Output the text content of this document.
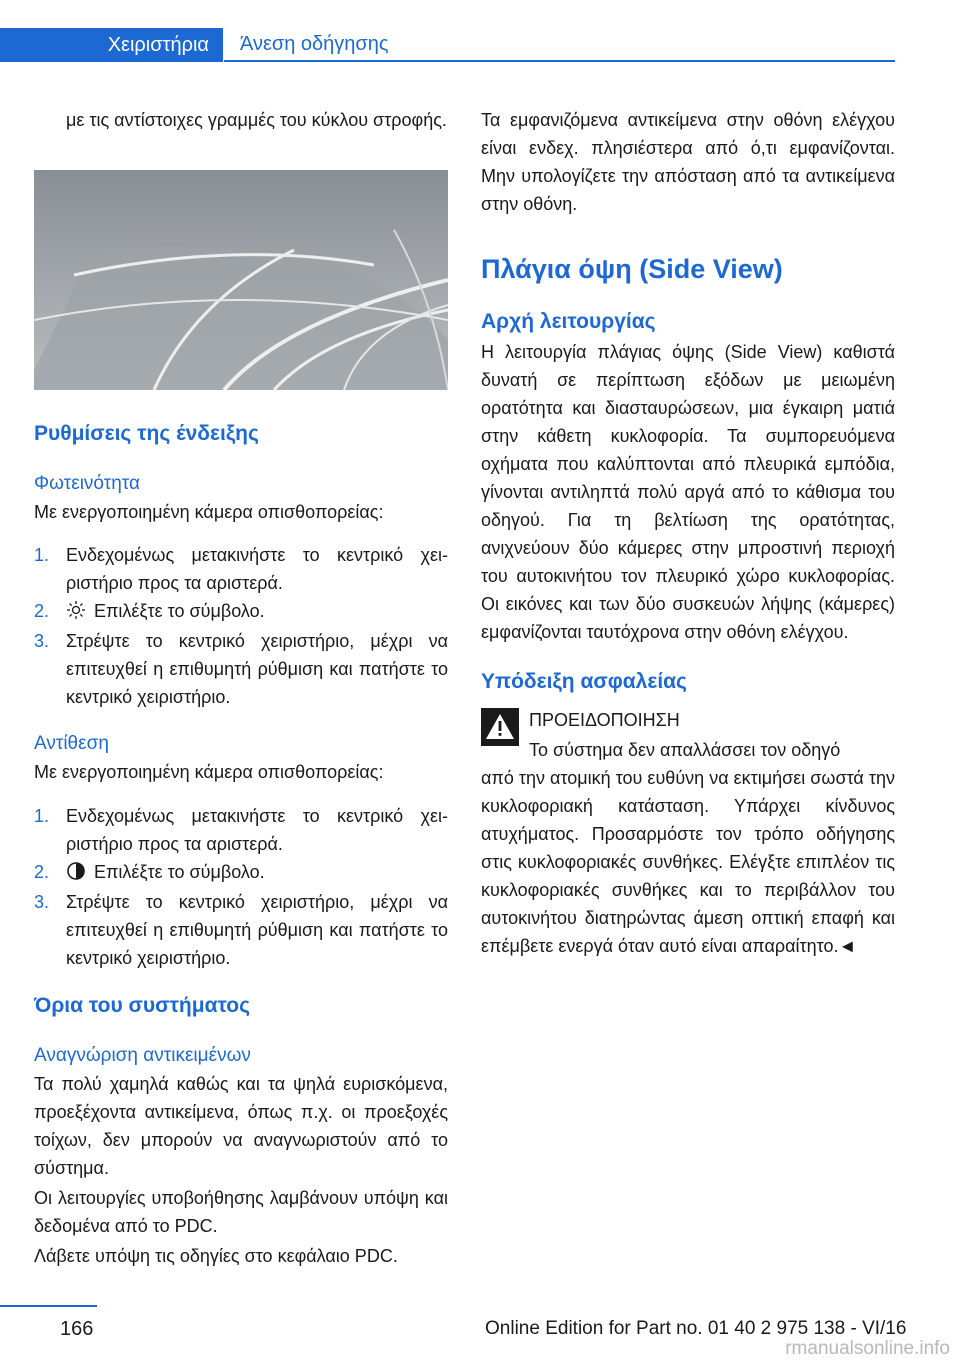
Χειριστήρια	Άνεση οδήγησης

με τις αντίστοιχες γραμμές του κύκλου στροφής.

Ρυθμίσεις της ένδειξης
Φωτεινότητα

Με ενεργοποιημένη κάμερα οπισθοπορείας:

1. Ενδεχομένως μετακινήστε το κεντρικό χειριστήριο προς τα αριστερά.
2.	Επιλέξτε το σύμβολο.
3. Στρέψτε το κεντρικό χειριστήριο, μέχρι να επιτευχθεί η επιθυμητή ρύθμιση και πατήστε το κεντρικό χειριστήριο.
Αντίθεση

Με ενεργοποιημένη κάμερα οπισθοπορείας:

1. Ενδεχομένως μετακινήστε το κεντρικό χειριστήριο προς τα αριστερά.
2.	Επιλέξτε το σύμβολο.
3. Στρέψτε το κεντρικό χειριστήριο, μέχρι να επιτευχθεί η επιθυμητή ρύθμιση και πατήστε το κεντρικό χειριστήριο.
Όρια του συστήματος
Αναγνώριση αντικειμένων

Τα πολύ χαμηλά καθώς και τα ψηλά ευρισκόμενα, προεξέχοντα αντικείμενα, όπως π.χ. οι προεξοχές τοίχων, δεν μπορούν να αναγνωριστούν από το σύστημα.

Οι λειτουργίες υποβοήθησης λαμβάνουν υπόψη και δεδομένα από το PDC.

Λάβετε υπόψη τις οδηγίες στο κεφάλαιο PDC.

Τα εμφανιζόμενα αντικείμενα στην οθόνη ελέγχου είναι ενδεχ. πλησιέστερα από ό,τι εμφανίζονται. Μην υπολογίζετε την απόσταση από τα αντικείμενα στην οθόνη.

Πλάγια όψη (Side View)
Αρχή λειτουργίας

Η λειτουργία πλάγιας όψης (Side View) καθιστά δυνατή σε περίπτωση εξόδων με μειωμένη ορατότητα και διασταυρώσεων, μια έγκαιρη ματιά στην κάθετη κυκλοφορία. Τα συμπορευόμενα οχήματα που καλύπτονται από πλευρικά εμπόδια, γίνονται αντιληπτά πολύ αργά από το κάθισμα του οδηγού. Για τη βελτίωση της ορατότητας, ανιχνεύουν δύο κάμερες στην μπροστινή περιοχή του αυτοκινήτου τον πλευρικό χώρο κυκλοφορίας. Οι εικόνες και των δύο συσκευών λήψης (κάμερες) εμφανίζονται ταυτόχρονα στην οθόνη ελέγχου.

Υπόδειξη ασφαλείας
ΠΡΟΕΙΔΟΠΟΙΗΣΗ
Το σύστημα δεν απαλλάσσει τον οδηγό

από την ατομική του ευθύνη να εκτιμήσει σωστά την κυκλοφοριακή κατάσταση. Υπάρχει κίνδυνος ατυχήματος. Προσαρμόστε τον τρόπο οδήγησης στις κυκλοφοριακές συνθήκες. Ελέγξτε επιπλέον τις κυκλοφοριακές συνθήκες και το περιβάλλον του αυτοκινήτου διατηρώντας άμεση οπτική επαφή και επέμβετε ενεργά όταν αυτό είναι απαραίτητο.◄

166	Online Edition for Part no. 01 40 2 975 138 - VI/16
rmanualsonline.info
